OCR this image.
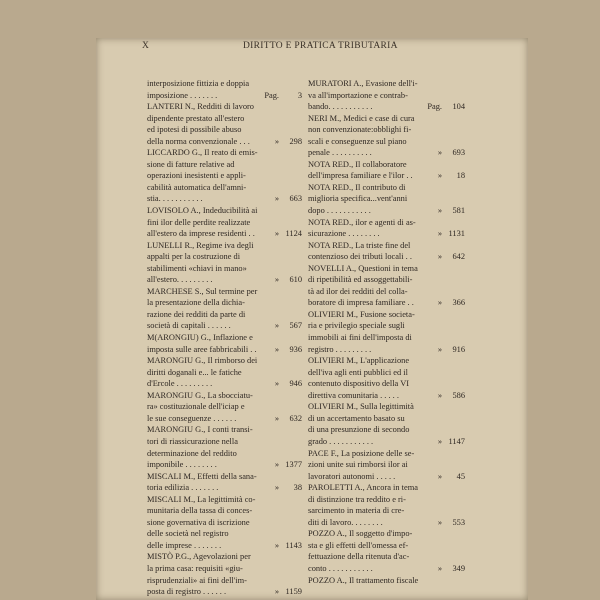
X	DIRITTO E PRATICA TRIBUTARIA
interposizione fittizia e doppia
imposizione . . . . . . .	Pag. 3
LANTERI N., Redditi di lavoro
dipendente prestato all'estero
ed ipotesi di possibile abuso
della norma convenzionale . . .	» 298
LICCARDO G., Il reato di emis-
sione di fatture relative ad
operazioni inesistenti e appli-
cabilità automatica dell'amni-
stia. . . . . . . . . . .	» 663
LOVISOLO A., Indeducibilità ai
fini ilor delle perdite realizzate
all'estero da imprese residenti . .	» 1124
LUNELLI R., Regime iva degli
appalti per la costruzione di
stabilimenti «chiavi in mano»
all'estero. . . . . . . . .	» 610
MARCHESE S., Sul termine per
la presentazione della dichia-
razione dei redditi da parte di
società di capitali . . . . . .	» 567
M(ARONGIU) G., Inflazione e
imposta sulle aree fabbricabili . .	» 936
MARONGIU G., Il rimborso dei
diritti doganali e... le fatiche
d'Ercole . . . . . . . . .	» 946
MARONGIU G., La sbocciatu-
ra» costituzionale dell'iciap e
le sue conseguenze . . . . . .	» 632
MARONGIU G., I conti transi-
tori di riassicurazione nella
determinazione del reddito
imponibile . . . . . . . .	» 1377
MISCALI M., Effetti della sana-
toria edilizia . . . . . . .	» 38
MISCALI M., La legittimità co-
munitaria della tassa di conces-
sione governativa di iscrizione
delle società nel registro
delle imprese . . . . . . .	» 1143
MISTÒ P.G., Agevolazioni per
la prima casa: requisiti «giu-
risprudenziali» ai fini dell'im-
posta di registro . . . . . .	» 1159
MURATORI A., Evasione dell'i-
va all'importazione e contrab-
bando. . . . . . . . . . .	Pag. 104
NERI M., Medici e case di cura
non convenzionate:obblighi fi-
scali e conseguenze sul piano
penale . . . . . . . . . .	» 693
NOTA RED., Il collaboratore
dell'impresa familiare e l'ilor . .	» 18
NOTA RED., Il contributo di
miglioria specifica...vent'anni
dopo . . . . . . . . . . .	» 581
NOTA RED., ilor e agenti di as-
sicurazione . . . . . . . .	» 1131
NOTA RED., La triste fine del
contenzioso dei tributi locali . .	» 642
NOVELLI A., Questioni in tema
di ripetibilità ed assoggettabili-
tà ad ilor dei redditi del colla-
boratore di impresa familiare . .	» 366
OLIVIERI M., Fusione societa-
ria e privilegio speciale sugli
immobili ai fini dell'imposta di
registro . . . . . . . . .	» 916
OLIVIERI M., L'applicazione
dell'iva agli enti pubblici ed il
contenuto dispositivo della VI
direttiva comunitaria . . . . .	» 586
OLIVIERI M., Sulla legittimità
di un accertamento basato su
di una presunzione di secondo
grado . . . . . . . . . . .	» 1147
PACE F., La posizione delle se-
zioni unite sui rimborsi ilor ai
lavoratori autonomi . . . . .	» 45
PAROLETTI A., Ancora in tema
di distinzione tra reddito e ri-
sarcimento in materia di cre-
diti di lavoro. . . . . . . .	» 553
POZZO A., Il soggetto d'impo-
sta e gli effetti dell'omessa ef-
fettuazione della ritenuta d'ac-
conto . . . . . . . . . . .	» 349
POZZO A., Il trattamento fiscale
